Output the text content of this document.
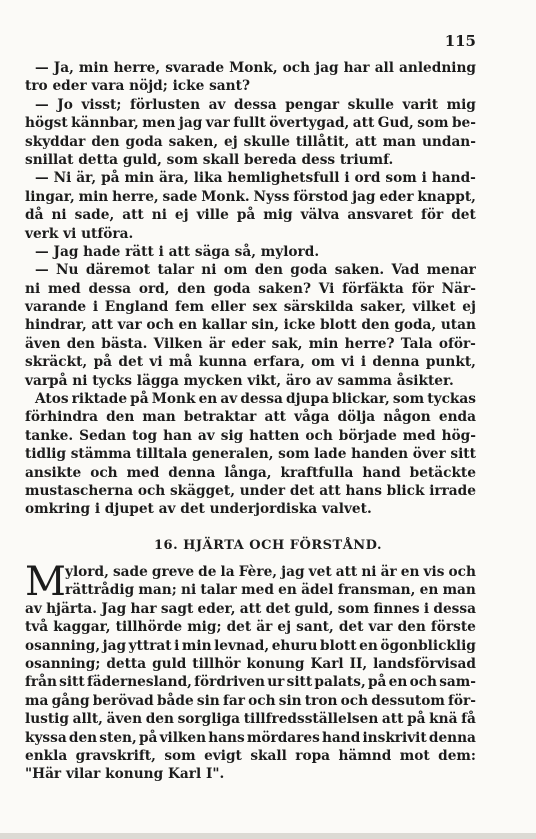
115
— Ja, min herre, svarade Monk, och jag har all anledning
tro eder vara nöjd; icke sant?
— Jo visst; förlusten av dessa pengar skulle varit mig
högst kännbar, men jag var fullt övertygad, att Gud, som be-
skyddar den goda saken, ej skulle tillåtit, att man undan-
snillat detta guld, som skall bereda dess triumf.
— Ni är, på min ära, lika hemlighetsfull i ord som i hand-
lingar, min herre, sade Monk. Nyss förstod jag eder knappt,
då ni sade, att ni ej ville på mig välva ansvaret för det
verk vi utföra.
— Jag hade rätt i att säga så, mylord.
— Nu däremot talar ni om den goda saken. Vad menar
ni med dessa ord, den goda saken? Vi förfäkta för När-
varande i England fem eller sex särskilda saker, vilket ej
hindrar, att var och en kallar sin, icke blott den goda, utan
även den bästa. Vilken är eder sak, min herre? Tala oför-
skräckt, på det vi må kunna erfara, om vi i denna punkt,
varpå ni tycks lägga mycken vikt, äro av samma åsikter.
Atos riktade på Monk en av dessa djupa blickar, som tyckas
förhindra den man betraktar att våga dölja någon enda
tanke. Sedan tog han av sig hatten och började med hög-
tidlig stämma tilltala generalen, som lade handen över sitt
ansikte och med denna långa, kraftfulla hand betäckte
mustascherna och skägget, under det att hans blick irrade
omkring i djupet av det underjordiska valvet.
16. HJÄRTA OCH FÖRSTÅND.
M ylord, sade greve de la Fère, jag vet att ni är en vis och
rättrådig man; ni talar med en ädel fransman, en man
av hjärta. Jag har sagt eder, att det guld, som finnes i dessa
två kaggar, tillhörde mig; det är ej sant, det var den förste
osanning, jag yttrat i min levnad, ehuru blott en ögonblicklig
osanning; detta guld tillhör konung Karl II, landsförvisad
från sitt fädernesland, fördriven ur sitt palats, på en och sam-
ma gång berövad både sin far och sin tron och dessutom för-
lustig allt, även den sorgliga tillfredsställelsen att på knä få
kyssa den sten, på vilken hans mördares hand inskrivit denna
enkla gravskrift, som evigt skall ropa hämnd mot dem:
"Här vilar konung Karl I".
